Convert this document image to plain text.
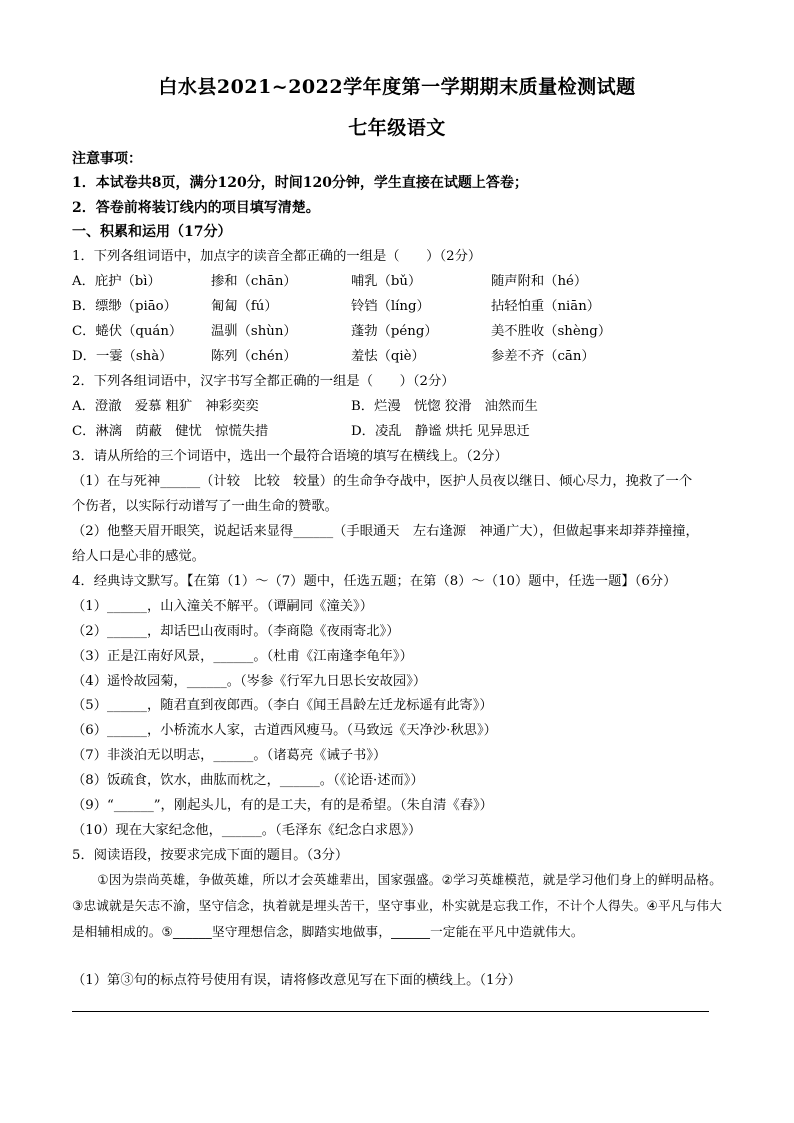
白水县2021~2022学年度第一学期期末质量检测试题
七年级语文
注意事项：
1．本试卷共8页，满分120分，时间120分钟，学生直接在试题上答卷；
2．答卷前将装订线内的项目填写清楚。
一、积累和运用（17分）
1．下列各组词语中，加点字的读音全都正确的一组是（　　）（2分）
A．庇护（bì）	掺和（chān）	哺乳（bǔ）	随声附和（hé）
B．缥缈（piāo）	匍匐（fú）	铃铛（líng）	拈轻怕重（niān）
C．蜷伏（quán） 温驯（shùn）	蓬勃（péng）	美不胜收（shèng）
D．一霎（shà）	陈列（chén）	羞怯（qiè）	参差不齐（cān）
2．下列各组词语中，汉字书写全都正确的一组是（　　）（2分）
A．澄澈　爱慕 粗犷　神彩奕奕	B．烂漫　恍惚 狡滑　油然而生
C．淋漓　荫蔽　健忧　惊慌失措	D．凌乱　静谧 烘托 见异思迁
3．请从所给的三个词语中，选出一个最符合语境的填写在横线上。（2分）
（1）在与死神______（计较　比较　较量）的生命争夺战中，医护人员夜以继日、倾心尽力，挽救了一个
个伤者，以实际行动谱写了一曲生命的赞歌。
（2）他整天眉开眼笑，说起话来显得______（手眼通天　左右逢源　神通广大），但做起事来却莽莽撞撞，
给人口是心非的感觉。
4．经典诗文默写。【在第（1）～（7）题中，任选五题；在第（8）～（10）题中，任选一题】（6分）
（1）______，山入潼关不解平。（谭嗣同《潼关》）
（2）______，却话巴山夜雨时。（李商隐《夜雨寄北》）
（3）正是江南好风景，______。（杜甫《江南逢李龟年》）
（4）遥怜故园菊，______。（岑参《行军九日思长安故园》）
（5）______，随君直到夜郎西。（李白《闻王昌龄左迁龙标遥有此寄》）
（6）______，小桥流水人家，古道西风瘦马。（马致远《天净沙·秋思》）
（7）非淡泊无以明志，______。（诸葛亮《诫子书》）
（8）饭疏食，饮水，曲肱而枕之，______。（《论语·述而》）
（9）“______”，刚起头儿，有的是工夫，有的是希望。（朱自清《春》）
（10）现在大家纪念他，______。（毛泽东《纪念白求恩》）
5．阅读语段，按要求完成下面的题目。（3分）
①因为崇尚英雄，争做英雄，所以才会英雄辈出，国家强盛。②学习英雄模范，就是学习他们身上的鲜明品格。③忠诚就是矢志不渝，坚守信念，执着就是埋头苦干，坚守事业，朴实就是忘我工作，不计个人得失。④平凡与伟大是相辅相成的。⑤______坚守理想信念，脚踏实地做事，______一定能在平凡中造就伟大。
（1）第③句的标点符号使用有误，请将修改意见写在下面的横线上。（1分）
